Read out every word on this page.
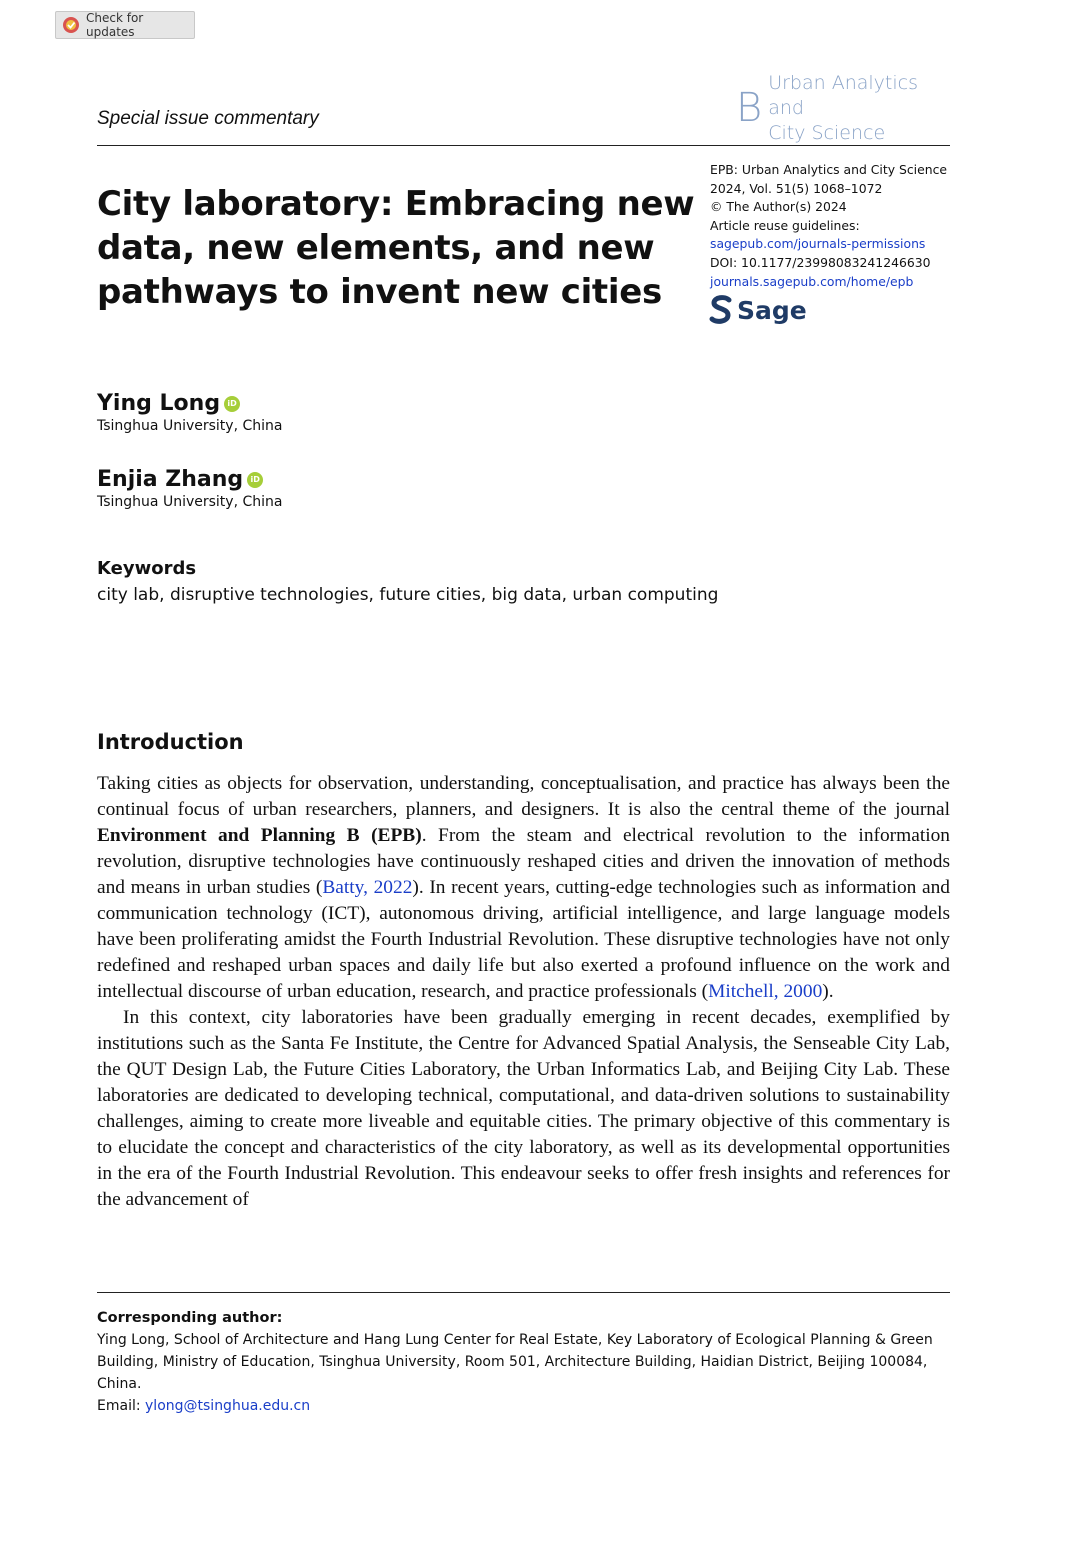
Check for updates
Special issue commentary	B
Urban Analytics and
City Science
City laboratory: Embracing new data, new elements, and new pathways to invent new cities
EPB: Urban Analytics and City Science
2024, Vol. 51(5) 1068–1072
© The Author(s) 2024
Article reuse guidelines:
sagepub.com/journals-permissions
DOI: 10.1177/23998083241246630
journals.sagepub.com/home/epb
Sage
Ying Long iD
Tsinghua University, China
Enjia Zhang iD
Tsinghua University, China
Keywords
city lab, disruptive technologies, future cities, big data, urban computing
Introduction

Taking cities as objects for observation, understanding, conceptualisation, and practice has always been the continual focus of urban researchers, planners, and designers. It is also the central theme of the journal Environment and Planning B (EPB). From the steam and electrical revolution to the information revolution, disruptive technologies have continuously reshaped cities and driven the innovation of methods and means in urban studies (Batty, 2022). In recent years, cutting-edge technologies such as information and communication technology (ICT), autonomous driving, artificial intelligence, and large language models have been proliferating amidst the Fourth Industrial Revolution. These disruptive technologies have not only redefined and reshaped urban spaces and daily life but also exerted a profound influence on the work and intellectual discourse of urban education, research, and practice professionals (Mitchell, 2000).

In this context, city laboratories have been gradually emerging in recent decades, exemplified by institutions such as the Santa Fe Institute, the Centre for Advanced Spatial Analysis, the Senseable City Lab, the QUT Design Lab, the Future Cities Laboratory, the Urban Informatics Lab, and Beijing City Lab. These laboratories are dedicated to developing technical, computational, and data-driven solutions to sustainability challenges, aiming to create more liveable and equitable cities. The primary objective of this commentary is to elucidate the concept and characteristics of the city laboratory, as well as its developmental opportunities in the era of the Fourth Industrial Revolution. This endeavour seeks to offer fresh insights and references for the advancement of

Corresponding author:
Ying Long, School of Architecture and Hang Lung Center for Real Estate, Key Laboratory of Ecological Planning & Green Building, Ministry of Education, Tsinghua University, Room 501, Architecture Building, Haidian District, Beijing 100084, China.
Email: ylong@tsinghua.edu.cn
